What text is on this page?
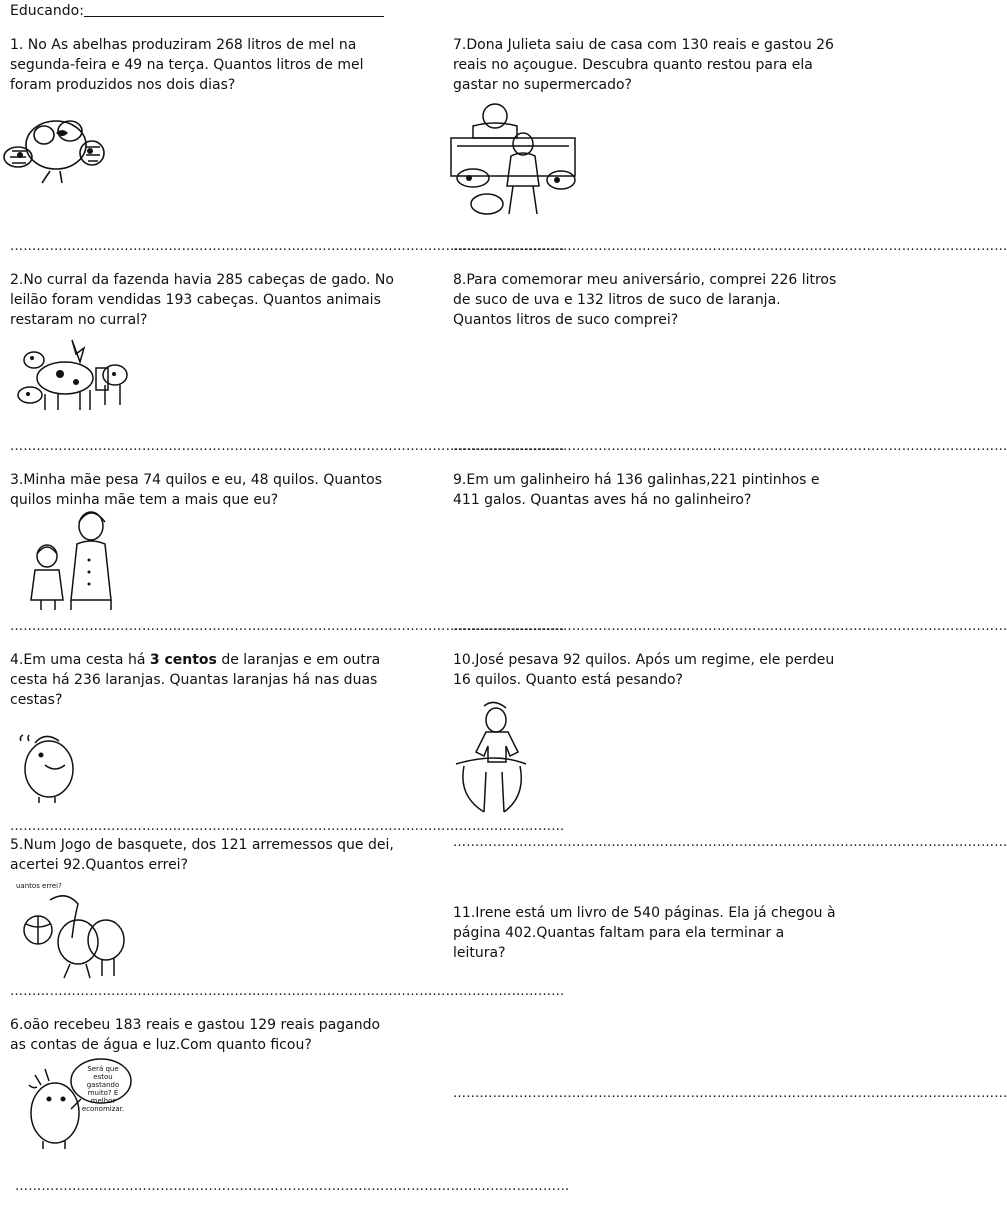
Educando:
1. No As abelhas produziram 268 litros de mel na segunda-feira e 49 na terça. Quantos litros de mel foram produzidos nos dois dias?
………………………………………………………………………………………………………………
2.No curral da fazenda havia 285 cabeças de gado. No leilão foram vendidas 193 cabeças. Quantos animais restaram no curral?
………………………………………………………………………………………………………………
3.Minha mãe pesa 74 quilos e eu, 48 quilos. Quantos quilos minha mãe tem a mais que eu?
………………………………………………………………………………………………………………
4.Em uma cesta há 3 centos de laranjas e em outra cesta há 236 laranjas. Quantas laranjas há nas duas cestas?
………………………………………………………………………………………………………………
5.Num Jogo de basquete, dos 121 arremessos que dei, acertei 92.Quantos errei?
uantos errei?
………………………………………………………………………………………………………………
6.oão recebeu 183 reais e gastou 129 reais pagando as contas de água e luz.Com quanto ficou?
Será que estou gastando muito? É melhor economizar.
………………………………………………………………………………………………………………
7.Dona Julieta saiu de casa com 130 reais e gastou 26 reais no açougue. Descubra quanto restou para ela gastar no supermercado?
………………………………………………………………………………………………………………
8.Para comemorar meu aniversário, comprei 226 litros de suco de uva e 132 litros de suco de laranja. Quantos litros de suco comprei?
………………………………………………………………………………………………………………
9.Em um galinheiro há 136 galinhas,221 pintinhos e 411 galos. Quantas aves há no galinheiro?
………………………………………………………………………………………………………………
10.José pesava 92 quilos. Após um regime, ele perdeu 16 quilos. Quanto está pesando?
………………………………………………………………………………………………………………
11.Irene está um livro de 540 páginas. Ela já chegou à página 402.Quantas faltam para ela terminar a leitura?
………………………………………………………………………………………………………………
